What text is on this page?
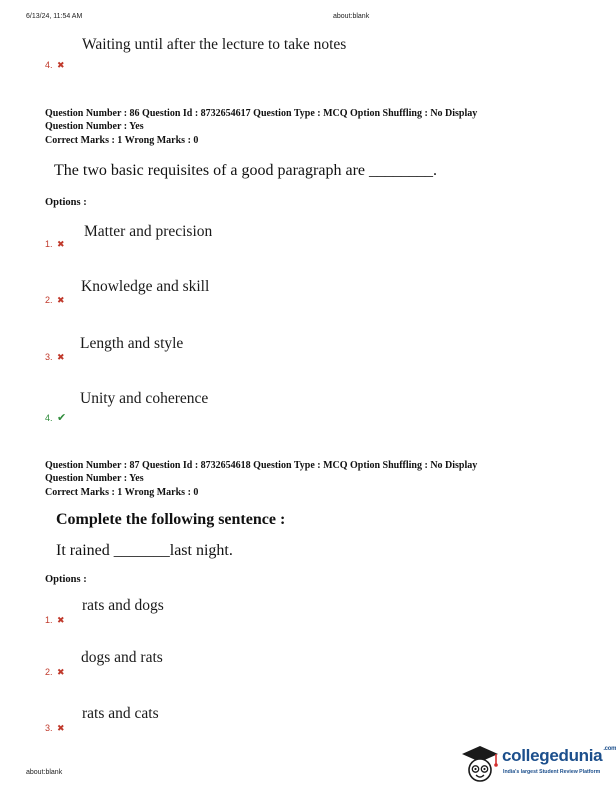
6/13/24, 11:54 AM	about:blank
Waiting until after the lecture to take notes
4. ✖
Question Number : 86 Question Id : 8732654617 Question Type : MCQ Option Shuffling : No Display
Question Number : Yes
Correct Marks : 1 Wrong Marks : 0
The two basic requisites of a good paragraph are ________.
Options :
Matter and precision
1. ✖
Knowledge and skill
2. ✖
Length and style
3. ✖
Unity and coherence
4. ✔
Question Number : 87 Question Id : 8732654618 Question Type : MCQ Option Shuffling : No Display
Question Number : Yes
Correct Marks : 1 Wrong Marks : 0
Complete the following sentence :
It rained _______last night.
Options :
rats and dogs
1. ✖
dogs and rats
2. ✖
rats and cats
3. ✖
about:blank
collegedunia$^{.com}$
India's largest Student Review Platform
